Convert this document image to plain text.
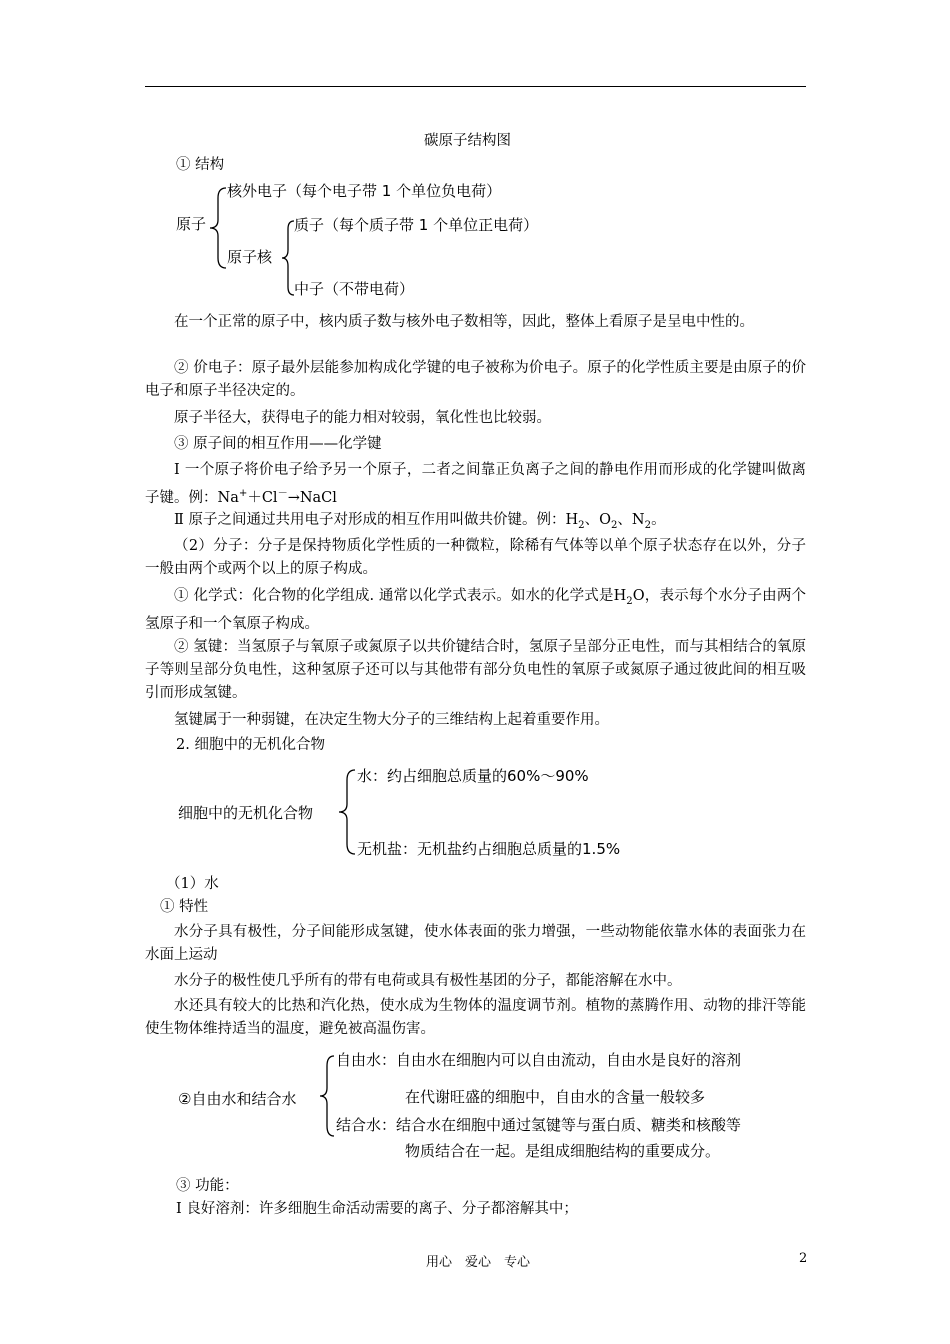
碳原子结构图
① 结构
原子
核外电子（每个电子带 1 个单位负电荷）
原子核
质子（每个质子带 1 个单位正电荷）
中子（不带电荷）
在一个正常的原子中，核内质子数与核外电子数相等，因此，整体上看原子是呈电中性的。
② 价电子：原子最外层能参加构成化学键的电子被称为价电子。原子的化学性质主要是由原子的价电子和原子半径决定的。
原子半径大，获得电子的能力相对较弱，氧化性也比较弱。
③ 原子间的相互作用——化学键
Ⅰ 一个原子将价电子给予另一个原子，二者之间靠正负离子之间的静电作用而形成的化学键叫做离子键。例：Na+＋Cl－→NaCl
Ⅱ 原子之间通过共用电子对形成的相互作用叫做共价键。例：$H_2$、$O_2$、$N_2$。
（2）分子：分子是保持物质化学性质的一种微粒，除稀有气体等以单个原子状态存在以外，分子一般由两个或两个以上的原子构成。
① 化学式：化合物的化学组成. 通常以化学式表示。如水的化学式是$H_2O$，表示每个水分子由两个氢原子和一个氧原子构成。
② 氢键：当氢原子与氧原子或氮原子以共价键结合时，氢原子呈部分正电性，而与其相结合的氧原子等则呈部分负电性，这种氢原子还可以与其他带有部分负电性的氧原子或氮原子通过彼此间的相互吸引而形成氢键。
氢键属于一种弱键，在决定生物大分子的三维结构上起着重要作用。
2. 细胞中的无机化合物
细胞中的无机化合物
水：约占细胞总质量的60%～90%
无机盐：无机盐约占细胞总质量的1.5%
（1）水
① 特性
水分子具有极性，分子间能形成氢键，使水体表面的张力增强，一些动物能依靠水体的表面张力在水面上运动
水分子的极性使几乎所有的带有电荷或具有极性基团的分子，都能溶解在水中。
水还具有较大的比热和汽化热，使水成为生物体的温度调节剂。植物的蒸腾作用、动物的排汗等能使生物体维持适当的温度，避免被高温伤害。
②自由水和结合水
自由水：自由水在细胞内可以自由流动，自由水是良好的溶剂
在代谢旺盛的细胞中，自由水的含量一般较多
结合水：结合水在细胞中通过氢键等与蛋白质、糖类和核酸等
物质结合在一起。是组成细胞结构的重要成分。
③ 功能：
Ⅰ 良好溶剂：许多细胞生命活动需要的离子、分子都溶解其中；
用心　爱心　专心	2
